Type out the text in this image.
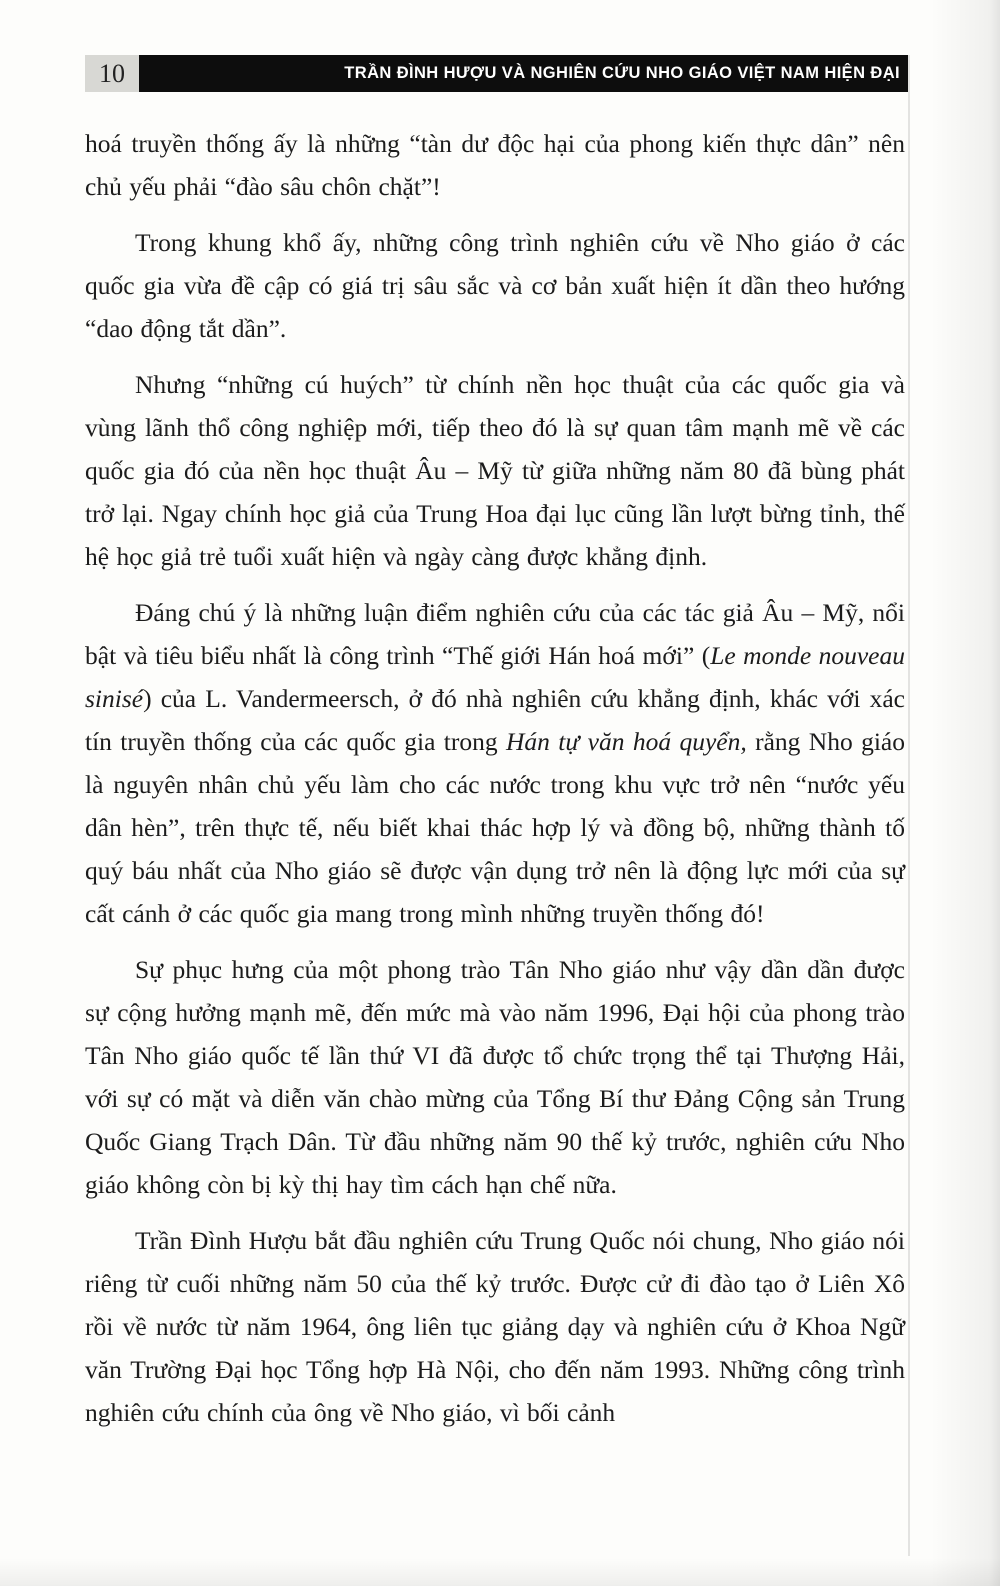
10	TRẦN ĐÌNH HƯỢU VÀ NGHIÊN CỨU NHO GIÁO VIỆT NAM HIỆN ĐẠI

hoá truyền thống ấy là những “tàn dư độc hại của phong kiến thực dân” nên chủ yếu phải “đào sâu chôn chặt”!

Trong khung khổ ấy, những công trình nghiên cứu về Nho giáo ở các quốc gia vừa đề cập có giá trị sâu sắc và cơ bản xuất hiện ít dần theo hướng “dao động tắt dần”.

Nhưng “những cú huých” từ chính nền học thuật của các quốc gia và vùng lãnh thổ công nghiệp mới, tiếp theo đó là sự quan tâm mạnh mẽ về các quốc gia đó của nền học thuật Âu – Mỹ từ giữa những năm 80 đã bùng phát trở lại. Ngay chính học giả của Trung Hoa đại lục cũng lần lượt bừng tỉnh, thế hệ học giả trẻ tuổi xuất hiện và ngày càng được khẳng định.

Đáng chú ý là những luận điểm nghiên cứu của các tác giả Âu – Mỹ, nổi bật và tiêu biểu nhất là công trình “Thế giới Hán hoá mới” (Le monde nouveau sinisé) của L. Vandermeersch, ở đó nhà nghiên cứu khẳng định, khác với xác tín truyền thống của các quốc gia trong Hán tự văn hoá quyển, rằng Nho giáo là nguyên nhân chủ yếu làm cho các nước trong khu vực trở nên “nước yếu dân hèn”, trên thực tế, nếu biết khai thác hợp lý và đồng bộ, những thành tố quý báu nhất của Nho giáo sẽ được vận dụng trở nên là động lực mới của sự cất cánh ở các quốc gia mang trong mình những truyền thống đó!

Sự phục hưng của một phong trào Tân Nho giáo như vậy dần dần được sự cộng hưởng mạnh mẽ, đến mức mà vào năm 1996, Đại hội của phong trào Tân Nho giáo quốc tế lần thứ VI đã được tổ chức trọng thể tại Thượng Hải, với sự có mặt và diễn văn chào mừng của Tổng Bí thư Đảng Cộng sản Trung Quốc Giang Trạch Dân. Từ đầu những năm 90 thế kỷ trước, nghiên cứu Nho giáo không còn bị kỳ thị hay tìm cách hạn chế nữa.

Trần Đình Hượu bắt đầu nghiên cứu Trung Quốc nói chung, Nho giáo nói riêng từ cuối những năm 50 của thế kỷ trước. Được cử đi đào tạo ở Liên Xô rồi về nước từ năm 1964, ông liên tục giảng dạy và nghiên cứu ở Khoa Ngữ văn Trường Đại học Tổng hợp Hà Nội, cho đến năm 1993. Những công trình nghiên cứu chính của ông về Nho giáo, vì bối cảnh
